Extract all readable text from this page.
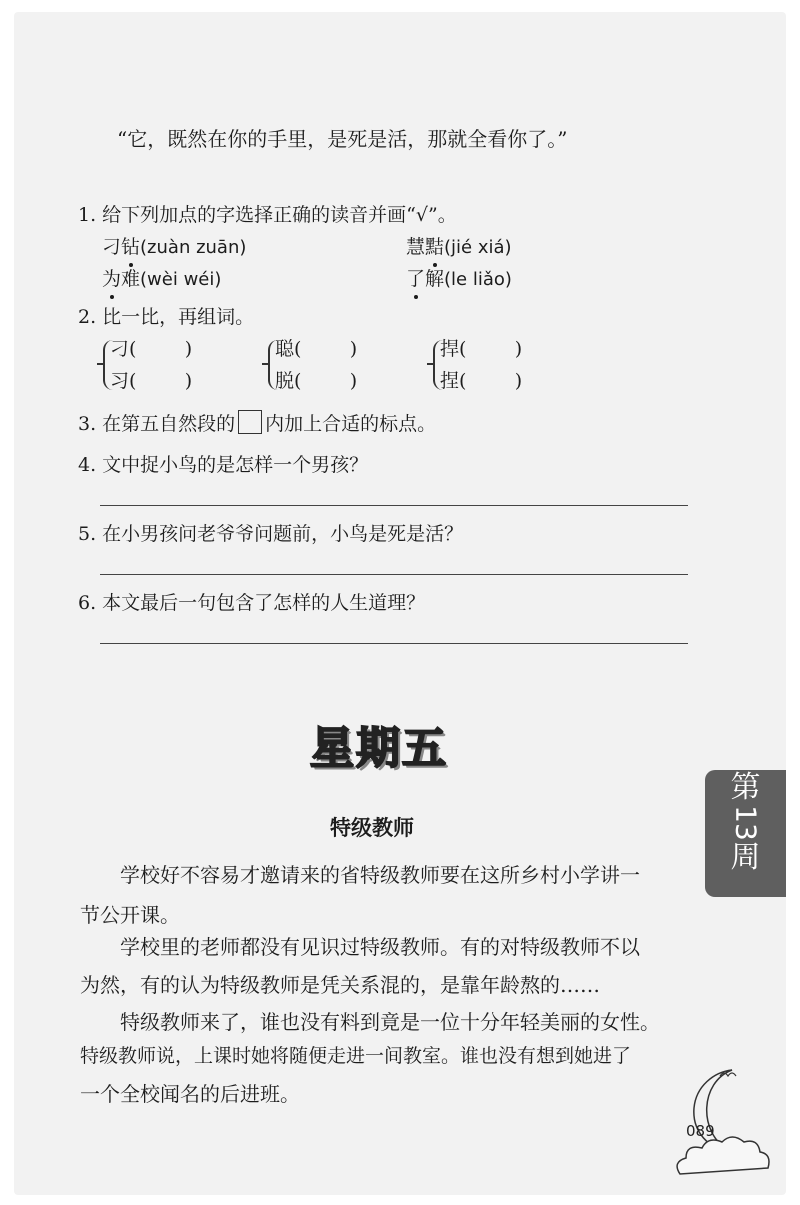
“它，既然在你的手里，是死是活，那就全看你了。”
1. 给下列加点的字选择正确的读音并画“√”。
刁钻(zuàn zuān)	慧黠(jié xiá)
为难(wèi wéi)	了解(le liǎo)
2. 比一比，再组词。
刁(        )
习(        )
聪(        )
脱(        )
捍(        )
捏(        )
3. 在第五自然段的 内加上合适的标点。
4. 文中捉小鸟的是怎样一个男孩？
5. 在小男孩问老爷爷问题前，小鸟是死是活？
6. 本文最后一句包含了怎样的人生道理？
星期五
特级教师
学校好不容易才邀请来的省特级教师要在这所乡村小学讲一
节公开课。
学校里的老师都没有见识过特级教师。有的对特级教师不以
为然，有的认为特级教师是凭关系混的，是靠年龄熬的……
特级教师来了，谁也没有料到竟是一位十分年轻美丽的女性。
特级教师说，上课时她将随便走进一间教室。谁也没有想到她进了
一个全校闻名的后进班。
第
13
周
089
